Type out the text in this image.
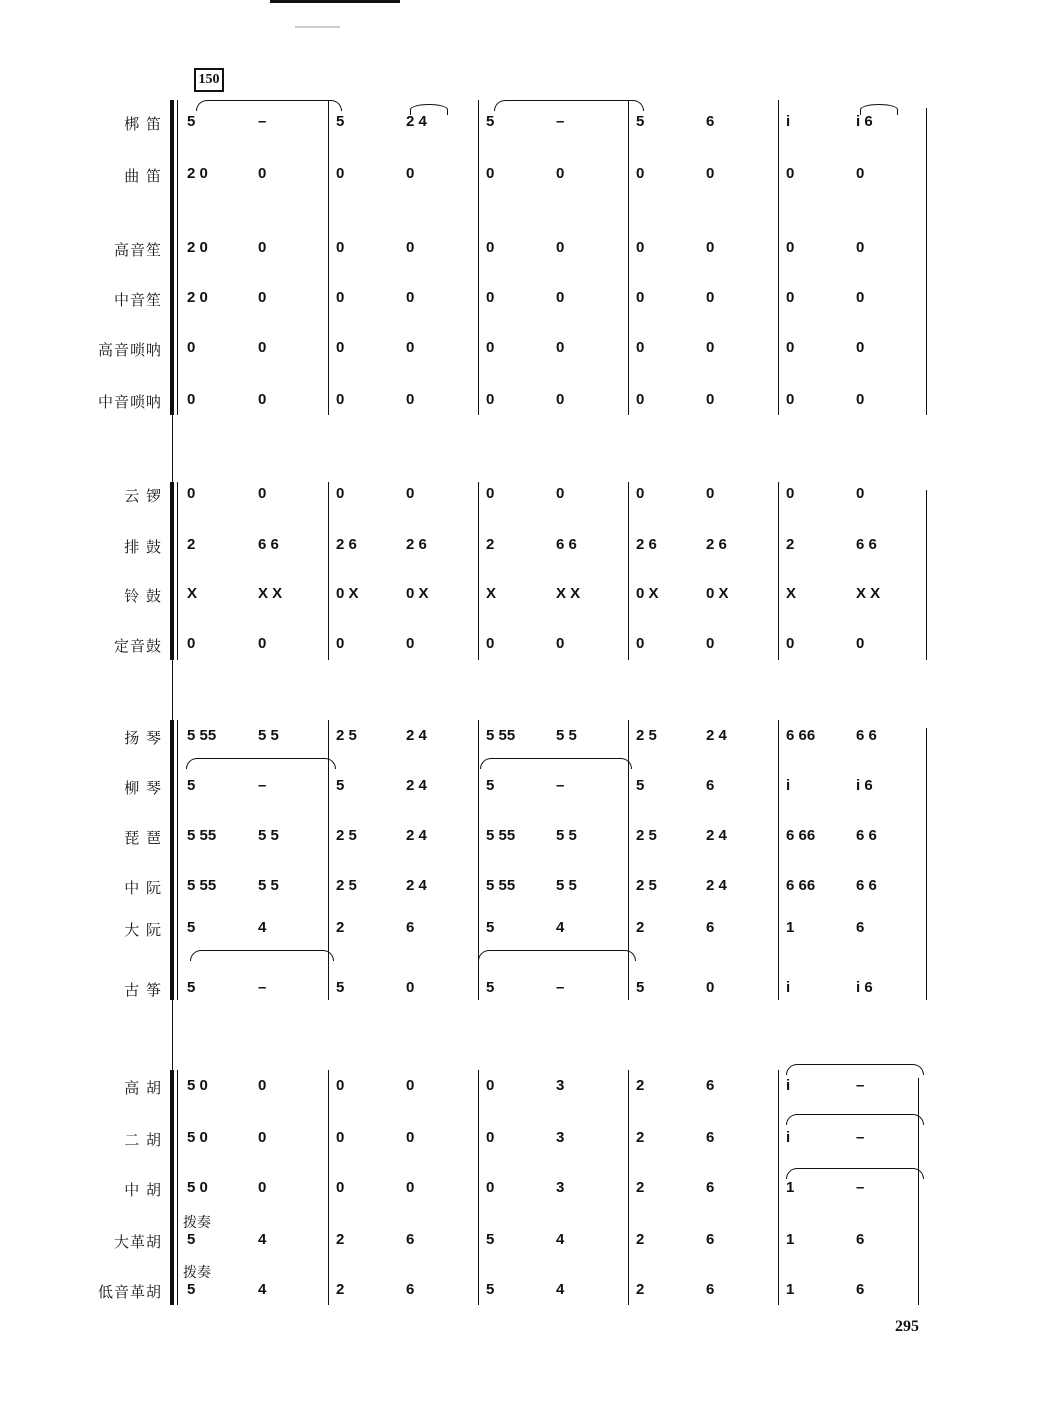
150
梆 笛 5	–	5	2 4	5	–	5	6	i	i 6
曲 笛 2 0	0	0	0	0	0	0	0	0	0
高音笙 2 0	0	0	0	0	0	0	0	0	0
中音笙 2 0	0	0	0	0	0	0	0	0	0
高音唢呐 0	0	0	0	0	0	0	0	0	0
中音唢呐 0	0	0	0	0	0	0	0	0	0
云 锣 0	0	0	0	0	0	0	0	0	0
排 鼓 2	6 6	2 6	2 6	2	6 6	2 6	2 6	2	6 6
铃 鼓 X	X X	0 X	0 X	X	X X	0 X	0 X	X	X X
定音鼓 0	0	0	0	0	0	0	0	0	0
扬 琴 5 55	5 5	2 5	2 4	5 55	5 5	2 5	2 4	6 66	6 6
柳 琴 5	–	5	2 4	5	–	5	6	i	i 6
琵 琶 5 55	5 5	2 5	2 4	5 55	5 5	2 5	2 4	6 66	6 6
中 阮 5 55	5 5	2 5	2 4	5 55	5 5	2 5	2 4	6 66	6 6
大 阮 5	4	2	6	5	4	2	6	1	6
古 筝 5	–	5	0	5	–	5	0	i	i 6
高 胡 5 0	0	0	0	0	3	2	6	i	–
二 胡 5 0	0	0	0	0	3	2	6	i	–
中 胡 5 0	0	0	0	0	3	2	6	1	–
大革胡 5	4	2	6	5	4	2	6	1	6
低音革胡 5	4	2	6	5	4	2	6	1	6
拨奏
拨奏
295
